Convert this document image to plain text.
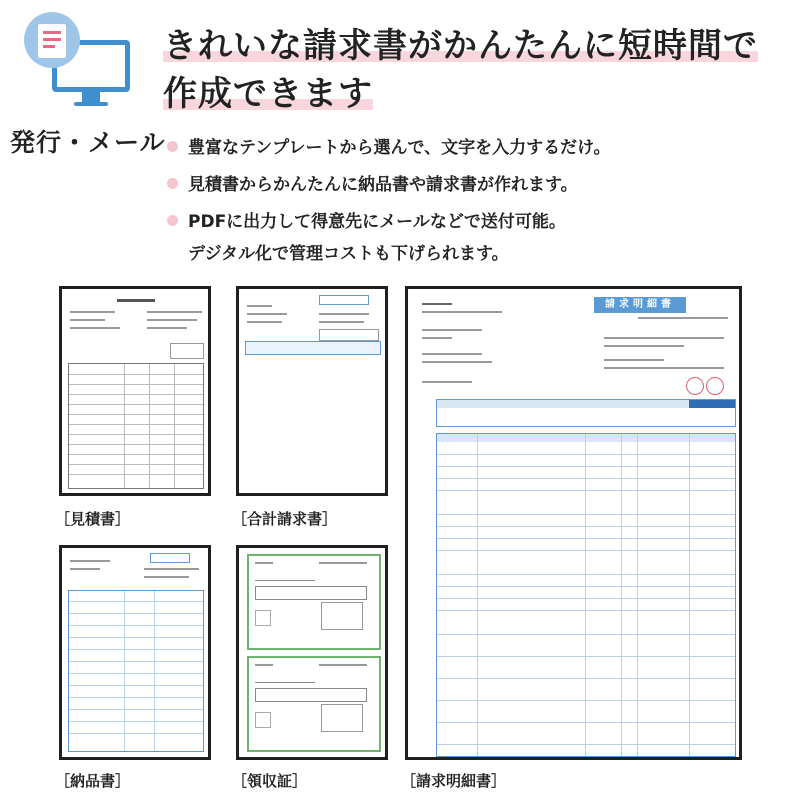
きれいな請求書がかんたんに短時間で
作成できます
発行・メール	豊富なテンプレートから選んで、文字を入力するだけ。
見積書からかんたんに納品書や請求書が作れます。
PDFに出力して得意先にメールなどで送付可能。
デジタル化で管理コストも下げられます。
［見積書］	［合計請求書］
［納品書］	［領収証］
請求明細書
［請求明細書］
